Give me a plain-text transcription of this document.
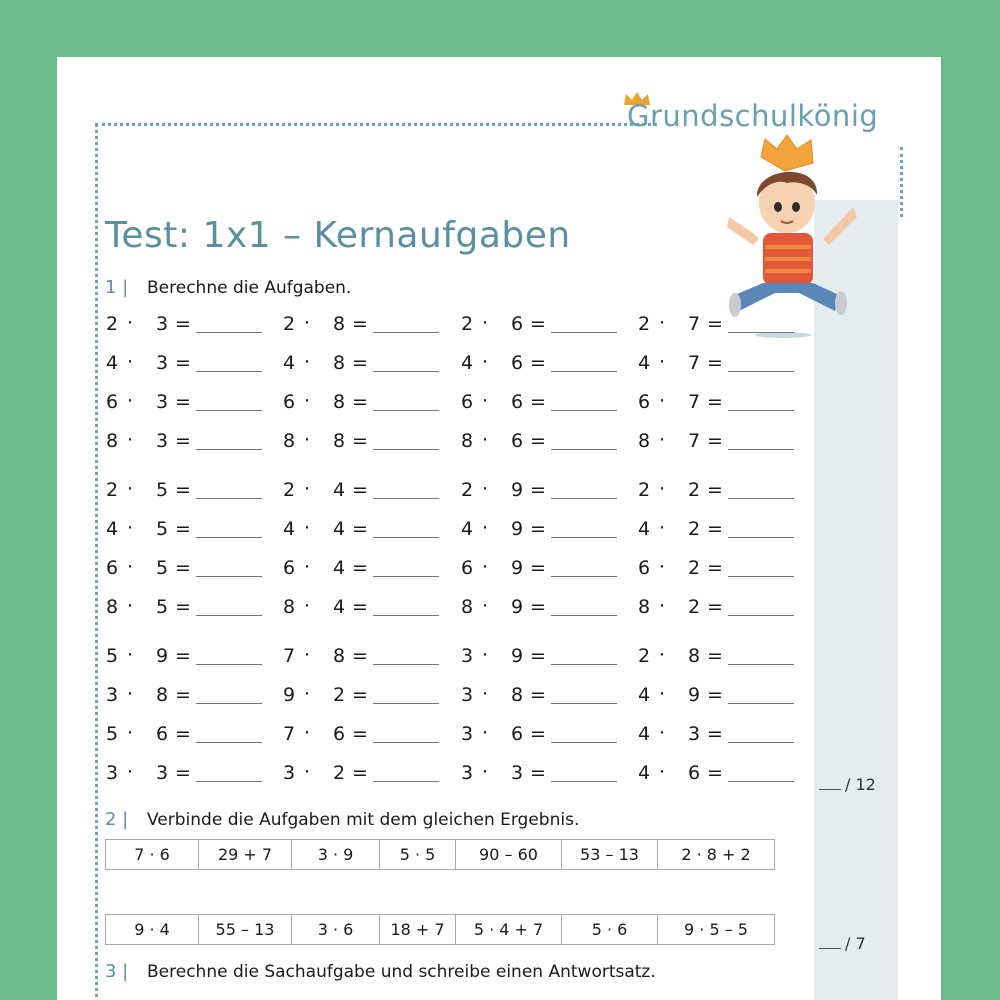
Grundschulkönig
Test: 1x1 – Kernaufgaben
1 | Berechne die Aufgaben.
2 · 3 =	2 · 8 =	2 · 6 =	2 · 7 =
4 · 3 =	4 · 8 =	4 · 6 =	4 · 7 =
6 · 3 =	6 · 8 =	6 · 6 =	6 · 7 =
8 · 3 =	8 · 8 =	8 · 6 =	8 · 7 =
2 · 5 =	2 · 4 =	2 · 9 =	2 · 2 =
4 · 5 =	4 · 4 =	4 · 9 =	4 · 2 =
6 · 5 =	6 · 4 =	6 · 9 =	6 · 2 =
8 · 5 =	8 · 4 =	8 · 9 =	8 · 2 =
5 · 9 =	7 · 8 =	3 · 9 =	2 · 8 =
3 · 8 =	9 · 2 =	3 · 8 =	4 · 9 =
5 · 6 =	7 · 6 =	3 · 6 =	4 · 3 =
3 · 3 =	3 · 2 =	3 · 3 =	4 · 6 =
/ 12
2 | Verbinde die Aufgaben mit dem gleichen Ergebnis.
7 · 6	29 + 7	3 · 9	5 · 5	90 – 60	53 – 13	2 · 8 + 2
9 · 4	55 – 13	3 · 6	18 + 7	5 · 4 + 7	5 · 6	9 · 5 – 5
/ 7
3 | Berechne die Sachaufgabe und schreibe einen Antwortsatz.
